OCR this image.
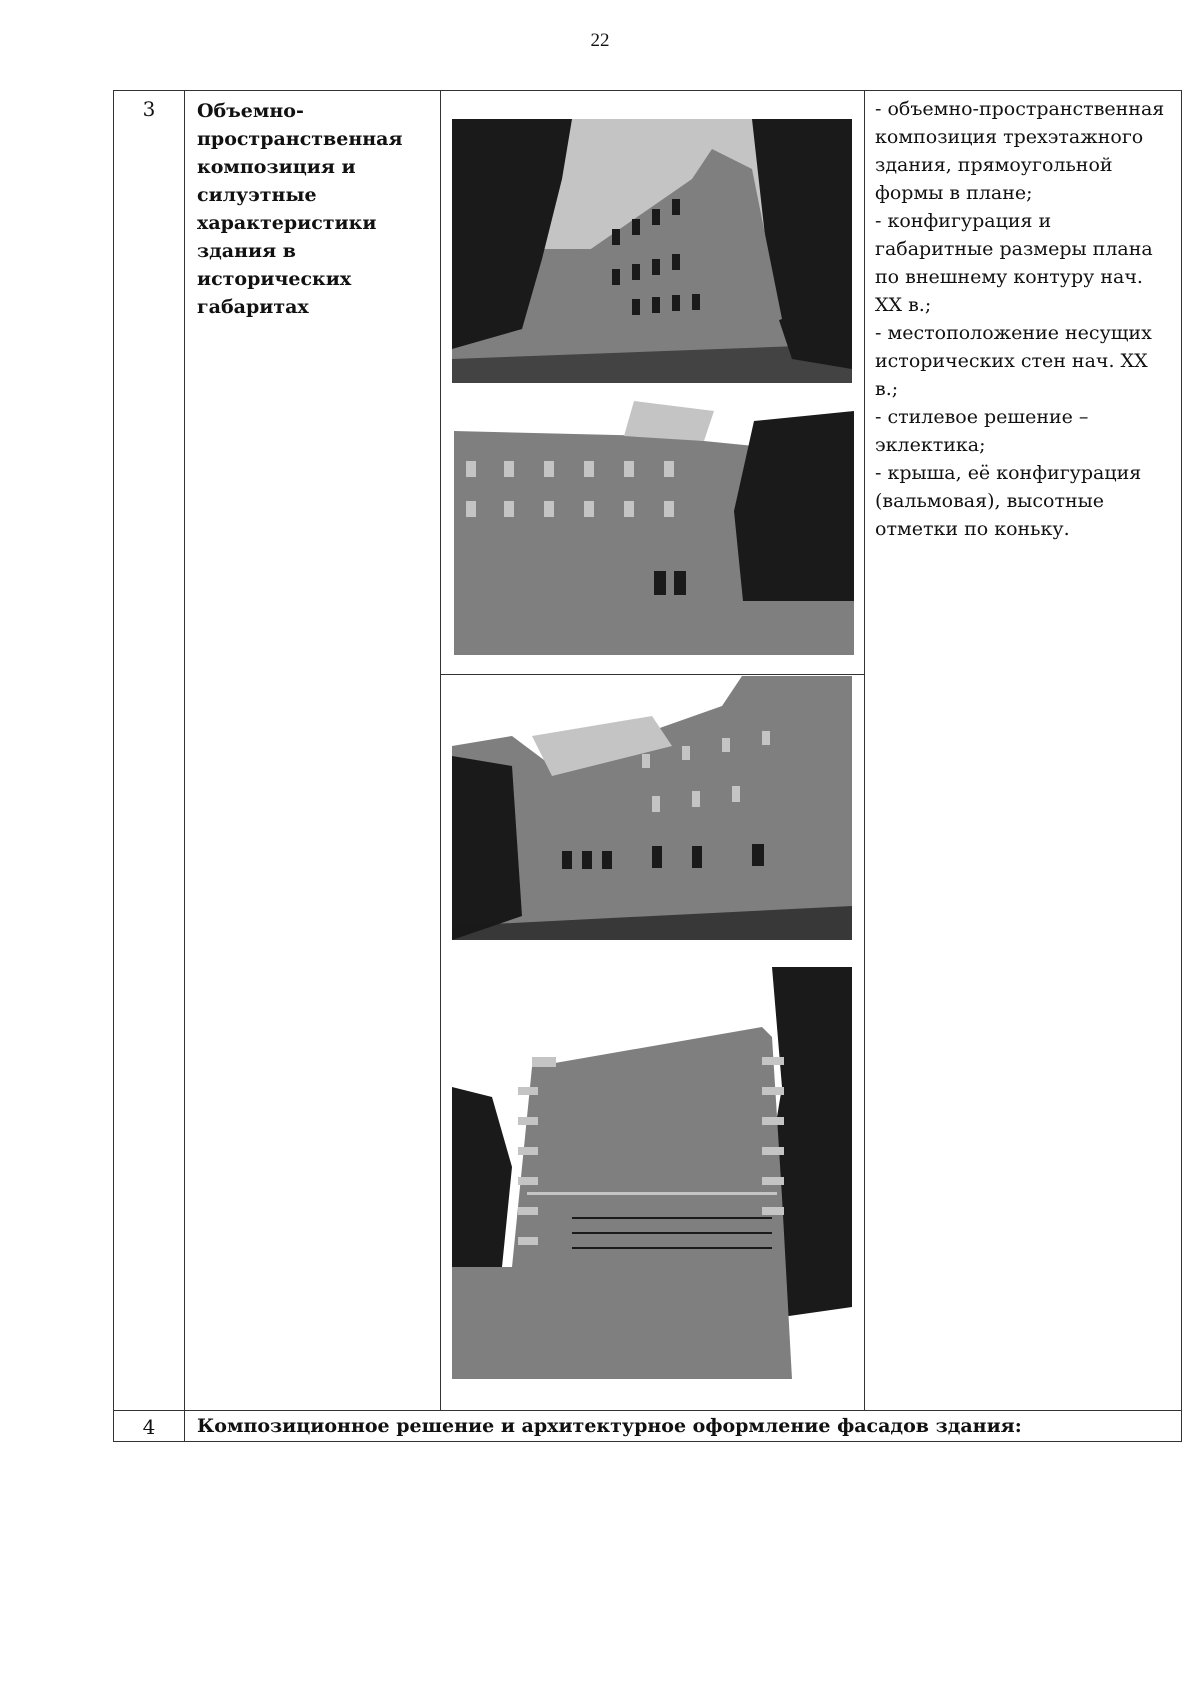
22
3	Объемно-пространственная композиция и силуэтные характеристики здания в исторических габаритах		- объемно-пространственная композиция трехэтажного здания, прямоугольной формы в плане;

- конфигурация и габаритные размеры плана по внешнему контуру нач. XX в.;

- местоположение несущих исторических стен нач. XX в.;

- стилевое решение – эклектика;

- крыша, её конфигурация (вальмовая), высотные отметки по коньку.

4	Композиционное решение и архитектурное оформление фасадов здания:		
